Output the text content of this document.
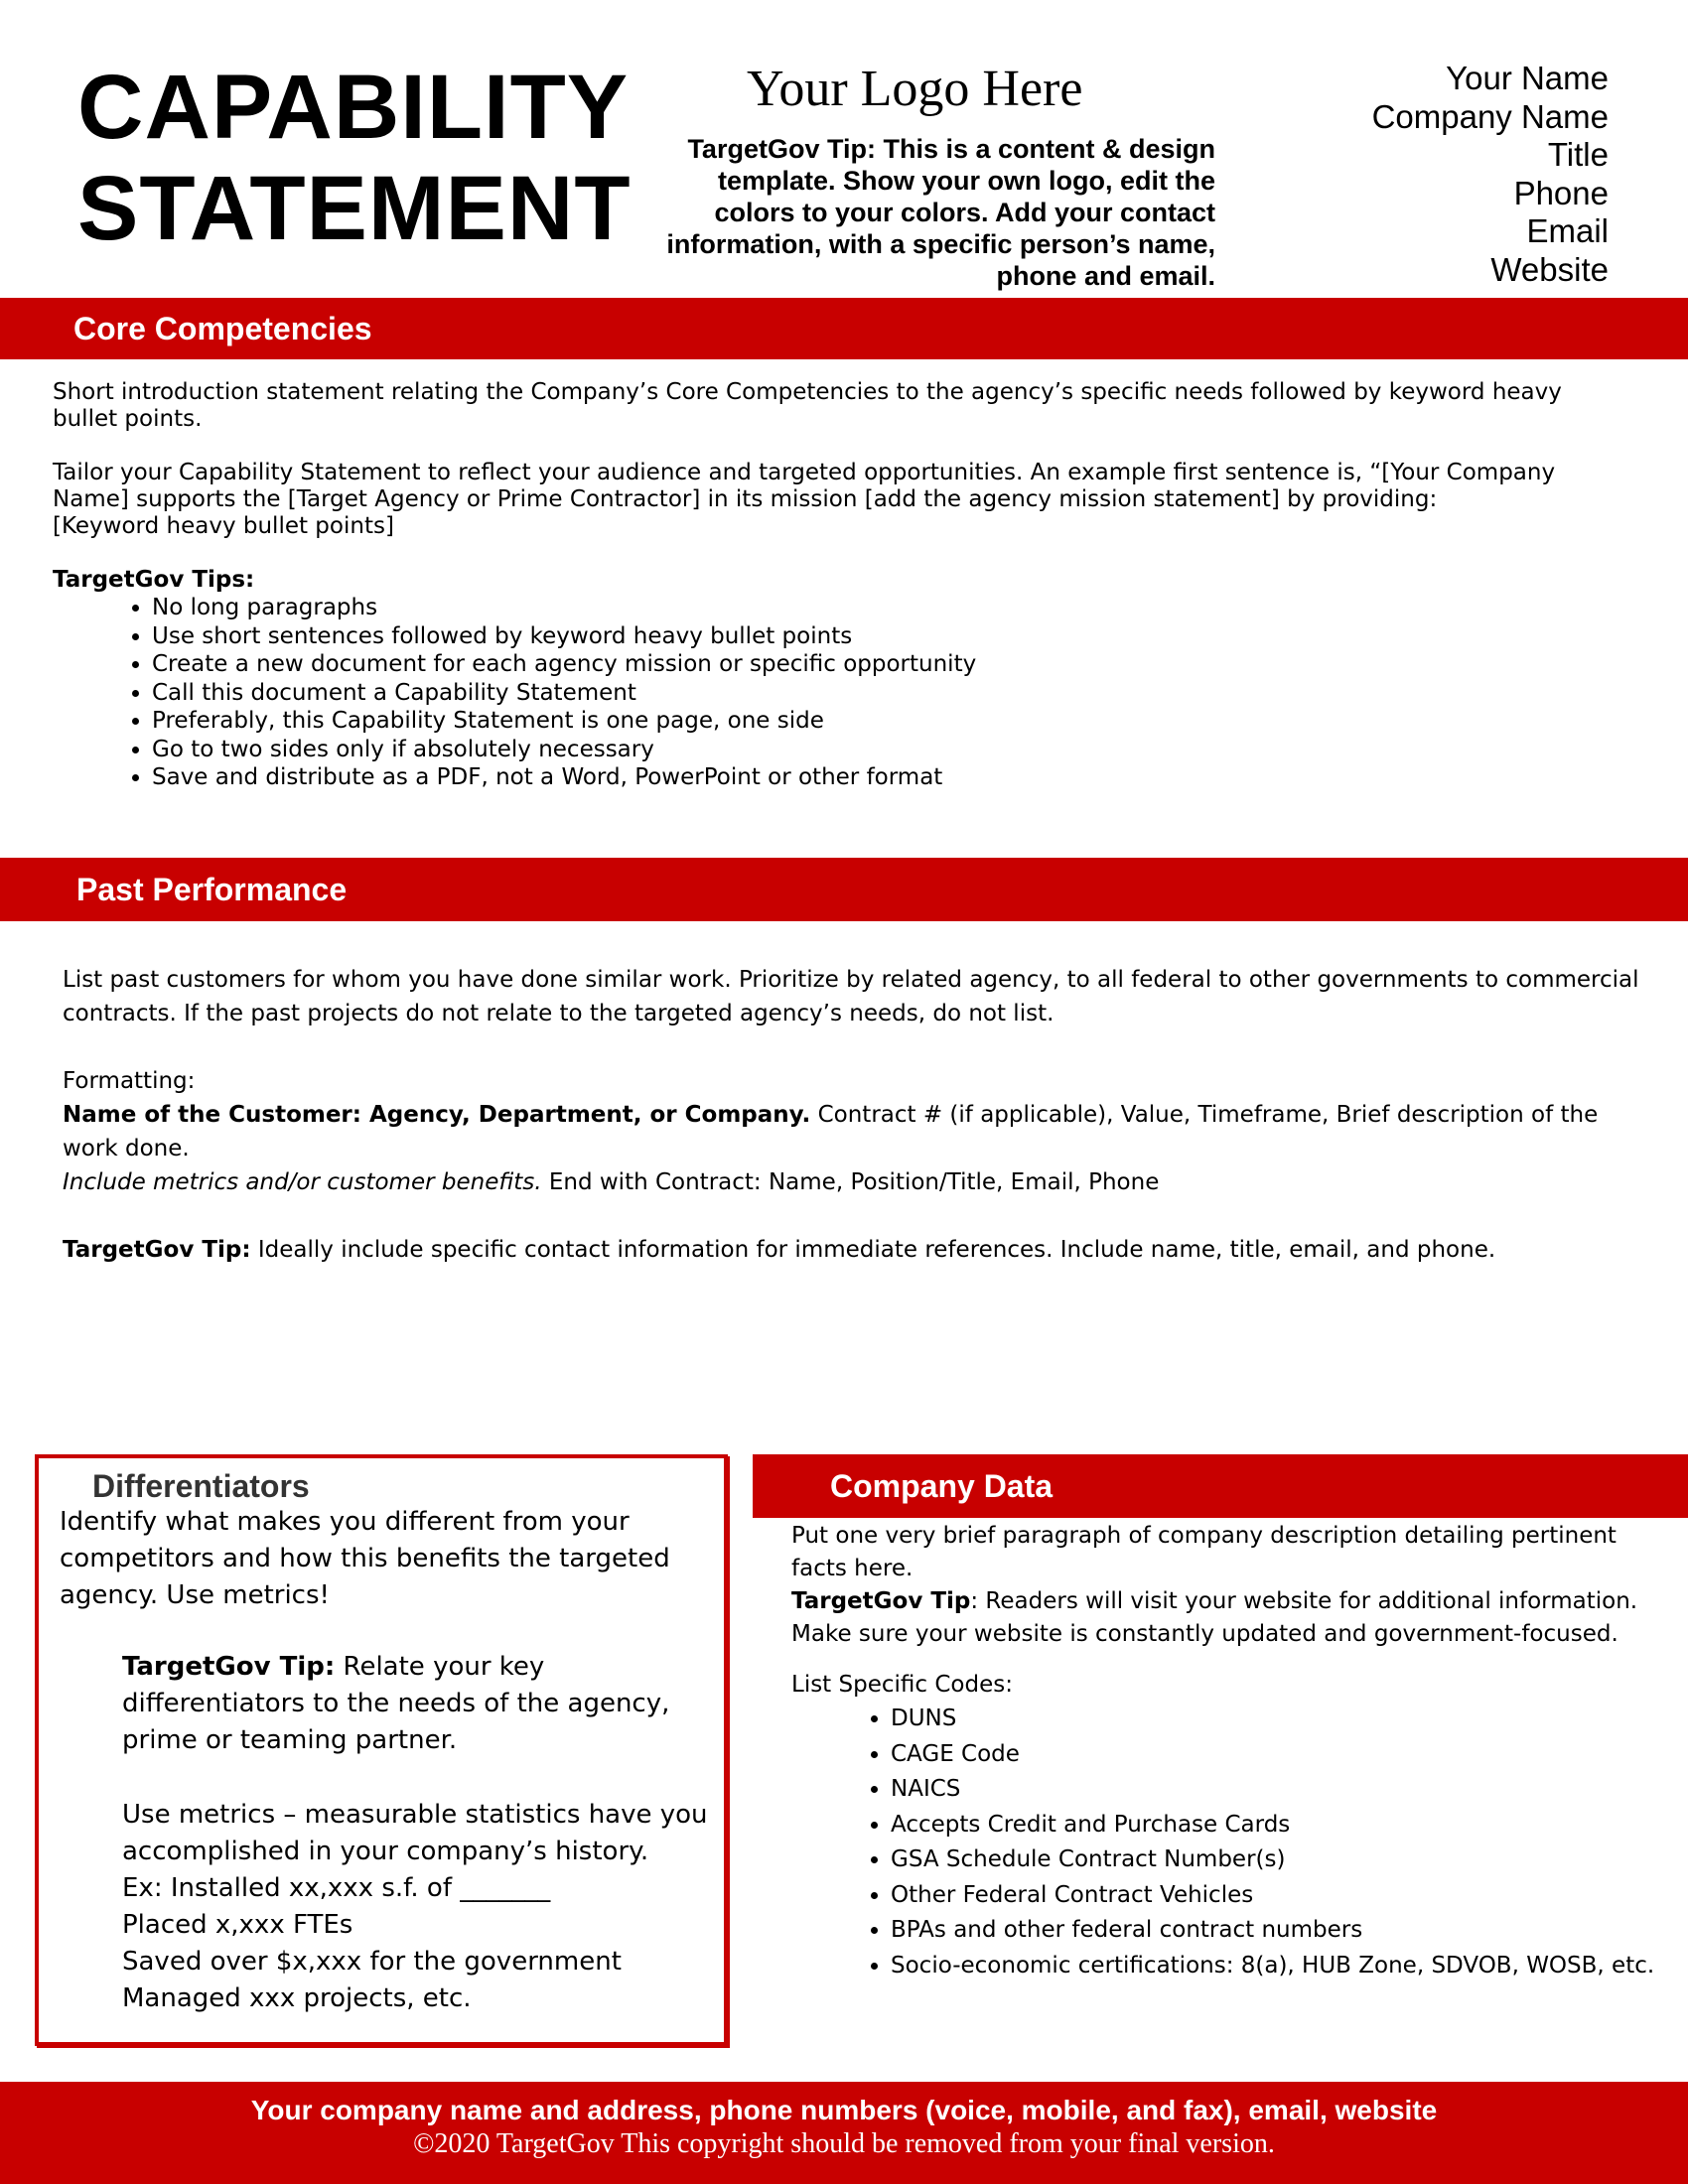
CAPABILITY
STATEMENT
Your Logo Here
TargetGov Tip: This is a content & design
template. Show your own logo, edit the
colors to your colors. Add your contact
information, with a specific person’s name,
phone and email.
Your Name
Company Name
Title
Phone
Email
Website
Core Competencies

Short introduction statement relating the Company’s Core Competencies to the agency’s specific needs followed by keyword heavy bullet points.

Tailor your Capability Statement to reflect your audience and targeted opportunities. An example first sentence is, “[Your Company Name] supports the [Target Agency or Prime Contractor] in its mission [add the agency mission statement] by providing:

[Keyword heavy bullet points]

TargetGov Tips:

• No long paragraphs
• Use short sentences followed by keyword heavy bullet points
• Create a new document for each agency mission or specific opportunity
• Call this document a Capability Statement
• Preferably, this Capability Statement is one page, one side
• Go to two sides only if absolutely necessary
• Save and distribute as a PDF, not a Word, PowerPoint or other format
Past Performance

List past customers for whom you have done similar work. Prioritize by related agency, to all federal to other governments to commercial contracts. If the past projects do not relate to the targeted agency’s needs, do not list.

Formatting:

Name of the Customer: Agency, Department, or Company. Contract # (if applicable), Value, Timeframe, Brief description of the work done.

Include metrics and/or customer benefits. End with Contract: Name, Position/Title, Email, Phone

TargetGov Tip: Ideally include specific contact information for immediate references. Include name, title, email, and phone.

Differentiators
Identify what makes you different from your competitors and how this benefits the targeted agency. Use metrics!
TargetGov Tip: Relate your key differentiators to the needs of the agency, prime or teaming partner.

Use metrics – measurable statistics have you accomplished in your company’s history.

Ex: Installed xx,xxx s.f. of _______

Placed x,xxx FTEs

Saved over $x,xxx for the government

Managed xxx projects, etc.

Company Data

Put one very brief paragraph of company description detailing pertinent facts here.

TargetGov Tip: Readers will visit your website for additional information. Make sure your website is constantly updated and government-focused.

List Specific Codes:

• DUNS
• CAGE Code
• NAICS
• Accepts Credit and Purchase Cards
• GSA Schedule Contract Number(s)
• Other Federal Contract Vehicles
• BPAs and other federal contract numbers
• Socio-economic certifications: 8(a), HUB Zone, SDVOB, WOSB, etc.
Your company name and address, phone numbers (voice, mobile, and fax), email, website
©2020 TargetGov This copyright should be removed from your final version.
